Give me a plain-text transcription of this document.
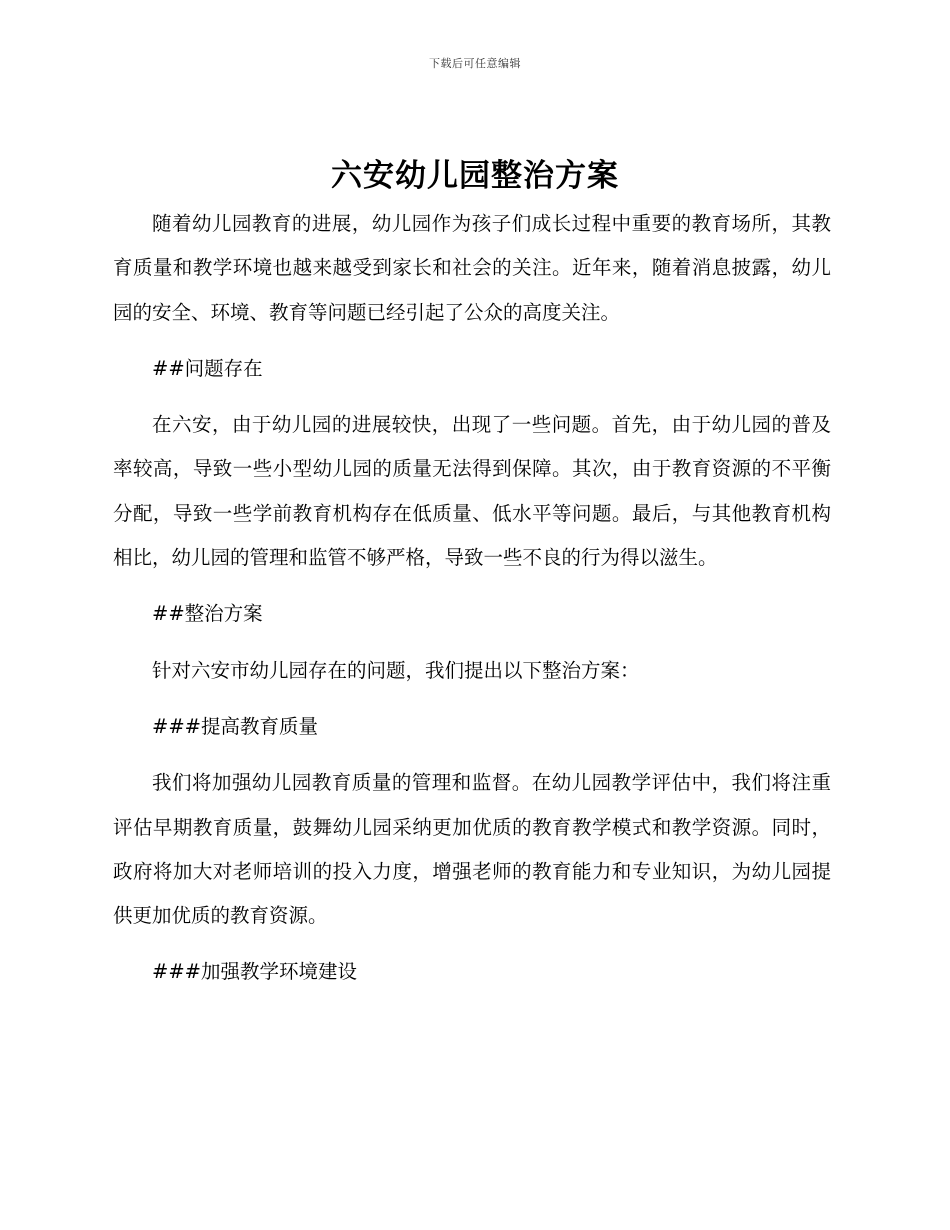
下载后可任意编辑
六安幼儿园整治方案

随着幼儿园教育的进展，幼儿园作为孩子们成长过程中重要的教育场所，其教育质量和教学环境也越来越受到家长和社会的关注。近年来，随着消息披露，幼儿园的安全、环境、教育等问题已经引起了公众的高度关注。

##问题存在

在六安，由于幼儿园的进展较快，出现了一些问题。首先，由于幼儿园的普及率较高，导致一些小型幼儿园的质量无法得到保障。其次，由于教育资源的不平衡分配，导致一些学前教育机构存在低质量、低水平等问题。最后，与其他教育机构相比，幼儿园的管理和监管不够严格，导致一些不良的行为得以滋生。

##整治方案

针对六安市幼儿园存在的问题，我们提出以下整治方案：

###提高教育质量

我们将加强幼儿园教育质量的管理和监督。在幼儿园教学评估中，我们将注重评估早期教育质量，鼓舞幼儿园采纳更加优质的教育教学模式和教学资源。同时，政府将加大对老师培训的投入力度，增强老师的教育能力和专业知识，为幼儿园提供更加优质的教育资源。

###加强教学环境建设
